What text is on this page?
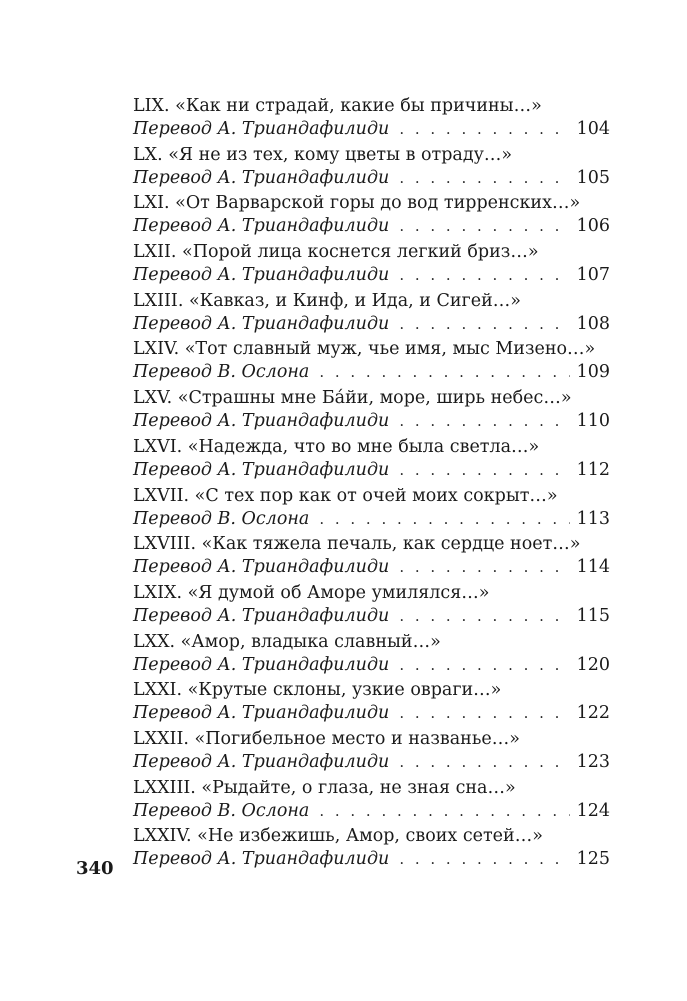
LIX. «Как ни страдай, какие бы причины…»
Перевод А. Триандафилиди . . .	104
LX. «Я не из тех, кому цветы в отраду…»
Перевод А. Триандафилиди . . .	105
LXI. «От Варварской горы до вод тирренских…»
Перевод А. Триандафилиди . . .	106
LXII. «Порой лица коснется легкий бриз…»
Перевод А. Триандафилиди . . .	107
LXIII. «Кавказ, и Кинф, и Ида, и Сигей…»
Перевод А. Триандафилиди . . .	108
LXIV. «Тот славный муж, чье имя, мыс Мизено…»
Перевод В. Ослона . . .	109
LXV. «Страшны мне Ба́йи, море, ширь небес…»
Перевод А. Триандафилиди . . .	110
LXVI. «Надежда, что во мне была светла…»
Перевод А. Триандафилиди . . .	112
LXVII. «С тех пор как от очей моих сокрыт…»
Перевод В. Ослона . . .	113
LXVIII. «Как тяжела печаль, как сердце ноет…»
Перевод А. Триандафилиди . . .	114
LXIX. «Я думой об Аморе умилялся…»
Перевод А. Триандафилиди . . .	115
LXX. «Амор, владыка славный…»
Перевод А. Триандафилиди . . .	120
LXXI. «Крутые склоны, узкие овраги…»
Перевод А. Триандафилиди . . .	122
LXXII. «Погибельное место и названье…»
Перевод А. Триандафилиди . . .	123
LXXIII. «Рыдайте, о глаза, не зная сна…»
Перевод В. Ослона . . .	124
LXXIV. «Не избежишь, Амор, своих сетей…»
Перевод А. Триандафилиди . . .	125
340
